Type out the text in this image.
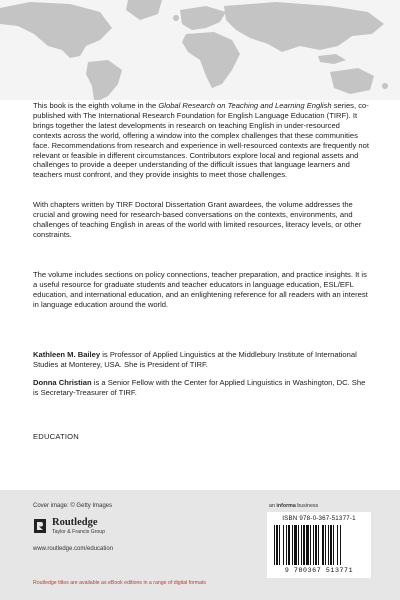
This book is the eighth volume in the Global Research on Teaching and Learning English series, co-published with The International Research Foundation for English Language Education (TIRF). It brings together the latest developments in research on teaching English in under-resourced contexts across the world, offering a window into the complex challenges that these communities face. Recommendations from research and experience in well-resourced contexts are frequently not relevant or feasible in different circumstances. Contributors explore local and regional assets and challenges to provide a deeper understanding of the difficult issues that language learners and teachers must confront, and they provide insights to meet those challenges.
With chapters written by TIRF Doctoral Dissertation Grant awardees, the volume addresses the crucial and growing need for research-based conversations on the contexts, environments, and challenges of teaching English in areas of the world with limited resources, literacy levels, or other constraints.
The volume includes sections on policy connections, teacher preparation, and practice insights. It is a useful resource for graduate students and teacher educators in language education, ESL/EFL education, and international education, and an enlightening reference for all readers with an interest in language education around the world.
Kathleen M. Bailey is Professor of Applied Linguistics at the Middlebury Institute of International Studies at Monterey, USA. She is President of TIRF.
Donna Christian is a Senior Fellow with the Center for Applied Linguistics in Washington, DC. She is Secretary-Treasurer of TIRF.
EDUCATION
Cover image: © Getty Images	an informa business
Routledge
Taylor & Francis Group
www.routledge.com/education
Routledge titles are available as eBook editions in a range of digital formats
ISBN 978-0-367-51377-1
9 780367 513771
